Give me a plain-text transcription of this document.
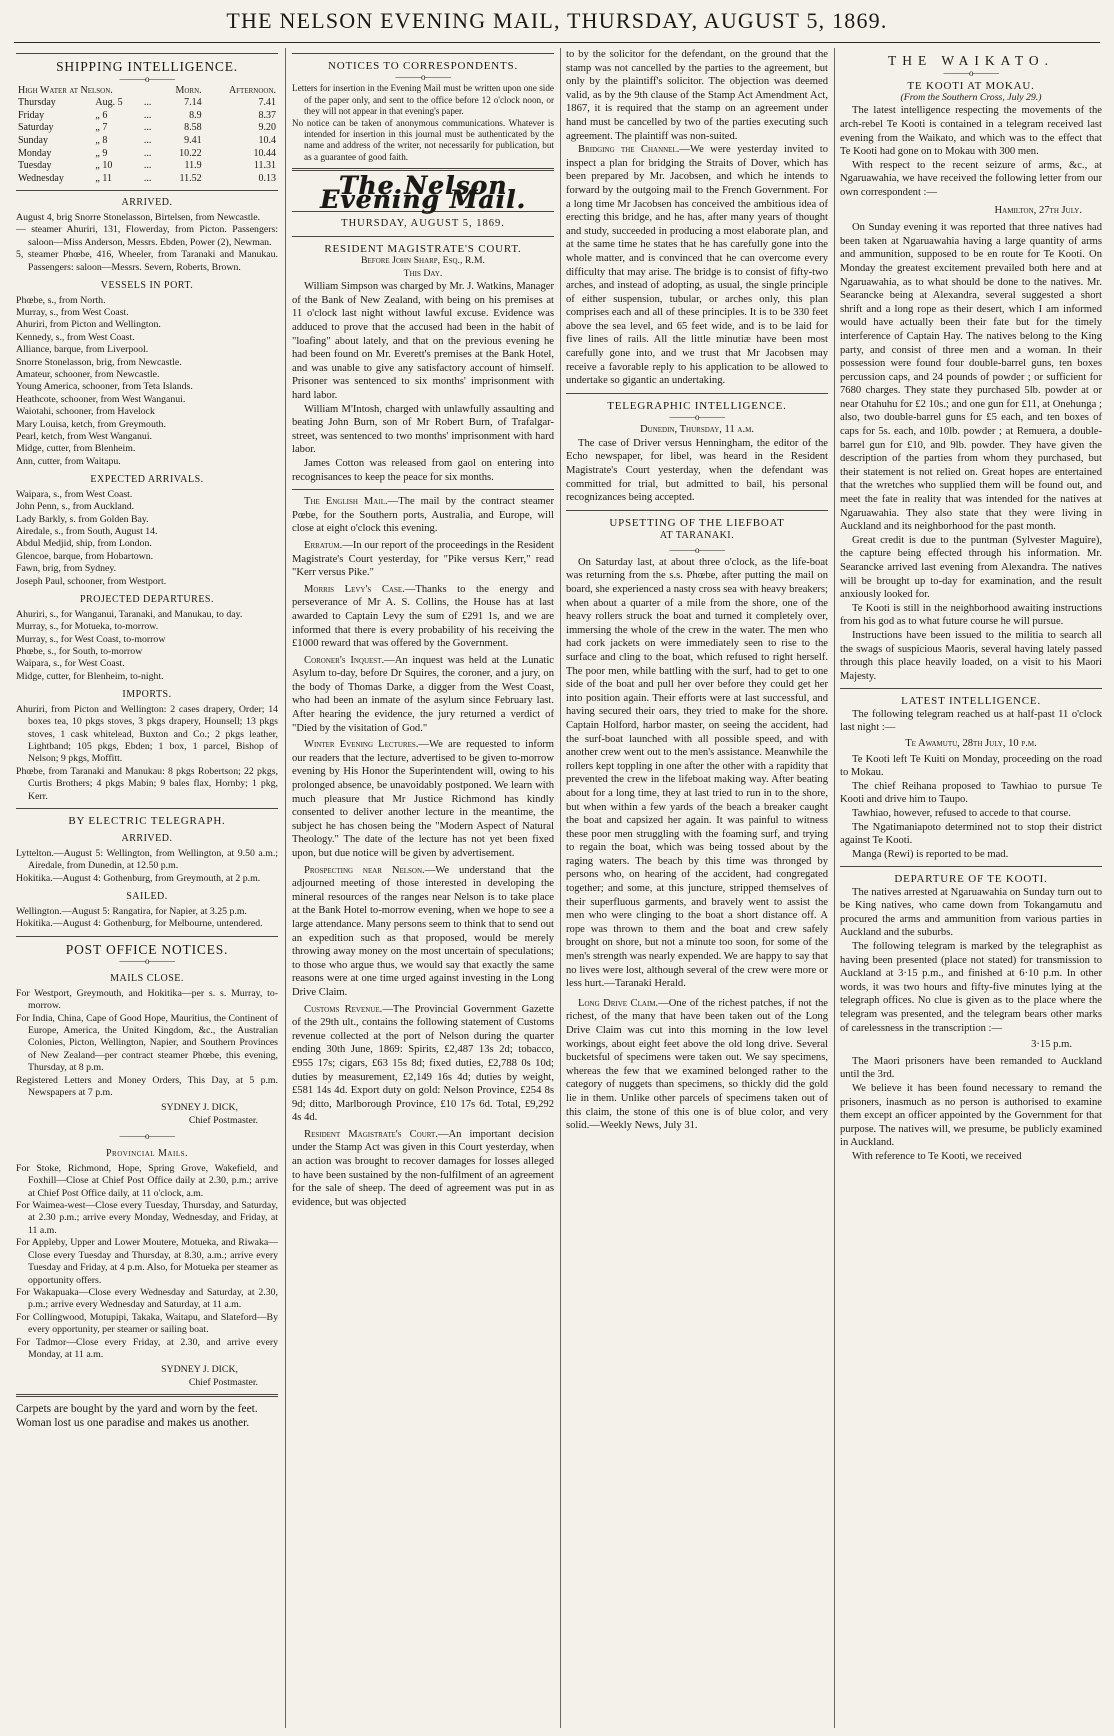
THE NELSON EVENING MAIL, THURSDAY, AUGUST 5, 1869.
SHIPPING INTELLIGENCE.
———o———
High Water at Nelson.			Morn.	Afternoon.
Thursday	Aug. 5	...	7.14	7.41
Friday	„ 6	...	8.9	8.37
Saturday	„ 7	...	8.58	9.20
Sunday	„ 8	...	9.41	10.4
Monday	„ 9	...	10.22	10.44
Tuesday	„ 10	...	11.9	11.31
Wednesday	„ 11	...	11.52	0.13
ARRIVED.
August 4, brig Snorre Stonelasson, Birtelsen, from Newcastle.
— steamer Ahuriri, 131, Flowerday, from Picton. Passengers: saloon—Miss Anderson, Messrs. Ebden, Power (2), Newman.
5, steamer Phœbe, 416, Wheeler, from Taranaki and Manukau. Passengers: saloon—Messrs. Severn, Roberts, Brown.
VESSELS IN PORT.
Phœbe, s., from North.
Murray, s., from West Coast.
Ahuriri, from Picton and Wellington.
Kennedy, s., from West Coast.
Alliance, barque, from Liverpool.
Snorre Stonelasson, brig, from Newcastle.
Amateur, schooner, from Newcastle.
Young America, schooner, from Teta Islands.
Heathcote, schooner, from West Wanganui.
Waiotahi, schooner, from Havelock
Mary Louisa, ketch, from Greymouth.
Pearl, ketch, from West Wanganui.
Midge, cutter, from Blenheim.
Ann, cutter, from Waitapu.
EXPECTED ARRIVALS.
Waipara, s., from West Coast.
John Penn, s., from Auckland.
Lady Barkly, s. from Golden Bay.
Airedale, s., from South, August 14.
Abdul Medjid, ship, from London.
Glencoe, barque, from Hobartown.
Fawn, brig, from Sydney.
Joseph Paul, schooner, from Westport.
PROJECTED DEPARTURES.
Ahuriri, s., for Wanganui, Taranaki, and Manukau, to day.
Murray, s., for Motueka, to-morrow.
Murray, s., for West Coast, to-morrow
Phœbe, s., for South, to-morrow
Waipara, s., for West Coast.
Midge, cutter, for Blenheim, to-night.
IMPORTS.
Ahuriri, from Picton and Wellington: 2 cases drapery, Order; 14 boxes tea, 10 pkgs stoves, 3 pkgs drapery, Hounsell; 13 pkgs stoves, 1 cask whitelead, Buxton and Co.; 2 pkgs leather, Lightband; 105 pkgs, Ebden; 1 box, 1 parcel, Bishop of Nelson; 9 pkgs, Moffitt.
Phœbe, from Taranaki and Manukau: 8 pkgs Robertson; 22 pkgs, Curtis Brothers; 4 pkgs Mabin; 9 bales flax, Hornby; 1 pkg, Kerr.
BY ELECTRIC TELEGRAPH.
ARRIVED.
Lyttelton.—August 5: Wellington, from Wellington, at 9.50 a.m.; Airedale, from Dunedin, at 12.50 p.m.
Hokitika.—August 4: Gothenburg, from Greymouth, at 2 p.m.
SAILED.
Wellington.—August 5: Rangatira, for Napier, at 3.25 p.m.
Hokitika.—August 4: Gothenburg, for Melbourne, untendered.
POST OFFICE NOTICES.
———o———
MAILS CLOSE.
For Westport, Greymouth, and Hokitika—per s. s. Murray, to-morrow.
For India, China, Cape of Good Hope, Mauritius, the Continent of Europe, America, the United Kingdom, &c., the Australian Colonies, Picton, Wellington, Napier, and Southern Provinces of New Zealand—per contract steamer Phœbe, this evening, Thursday, at 8 p.m.
Registered Letters and Money Orders, This Day, at 5 p.m. Newspapers at 7 p.m.
SYDNEY J. DICK,
Chief Postmaster.
———o———
Provincial Mails.
For Stoke, Richmond, Hope, Spring Grove, Wakefield, and Foxhill—Close at Chief Post Office daily at 2.30, p.m.; arrive at Chief Post Office daily, at 11 o'clock, a.m.
For Waimea-west—Close every Tuesday, Thursday, and Saturday, at 2.30 p.m.; arrive every Monday, Wednesday, and Friday, at 11 a.m.
For Appleby, Upper and Lower Moutere, Motueka, and Riwaka—Close every Tuesday and Thursday, at 8.30, a.m.; arrive every Tuesday and Friday, at 4 p.m. Also, for Motueka per steamer as opportunity offers.
For Wakapuaka—Close every Wednesday and Saturday, at 2.30, p.m.; arrive every Wednesday and Saturday, at 11 a.m.
For Collingwood, Motupipi, Takaka, Waitapu, and Slateford—By every opportunity, per steamer or sailing boat.
For Tadmor—Close every Friday, at 2.30, and arrive every Monday, at 11 a.m.
SYDNEY J. DICK,
Chief Postmaster.
Carpets are bought by the yard and worn by the feet.
Woman lost us one paradise and makes us another.
NOTICES TO CORRESPONDENTS.
———o———
Letters for insertion in the Evening Mail must be written upon one side of the paper only, and sent to the office before 12 o'clock noon, or they will not appear in that evening's paper.
No notice can be taken of anonymous communications. Whatever is intended for insertion in this journal must be authenticated by the name and address of the writer, not necessarily for publication, but as a guarantee of good faith.
The Nelson Evening Mail.
THURSDAY, AUGUST 5, 1869.
RESIDENT MAGISTRATE'S COURT.
Before John Sharp, Esq., R.M.
This Day.
William Simpson was charged by Mr. J. Watkins, Manager of the Bank of New Zealand, with being on his premises at 11 o'clock last night without lawful excuse. Evidence was adduced to prove that the accused had been in the habit of "loafing" about lately, and that on the previous evening he had been found on Mr. Everett's premises at the Bank Hotel, and was unable to give any satisfactory account of himself. Prisoner was sentenced to six months' imprisonment with hard labor.
William M'Intosh, charged with unlawfully assaulting and beating John Burn, son of Mr Robert Burn, of Trafalgar-street, was sentenced to two months' imprisonment with hard labor.
James Cotton was released from gaol on entering into recognisances to keep the peace for six months.

The English Mail.—The mail by the contract steamer Pœbe, for the Southern ports, Australia, and Europe, will close at eight o'clock this evening.

Erratum.—In our report of the proceedings in the Resident Magistrate's Court yesterday, for "Pike versus Kerr," read "Kerr versus Pike."

Morris Levy's Case.—Thanks to the energy and perseverance of Mr A. S. Collins, the House has at last awarded to Captain Levy the sum of £291 1s, and we are informed that there is every probability of his receiving the £1000 reward that was offered by the Government.

Coroner's Inquest.—An inquest was held at the Lunatic Asylum to-day, before Dr Squires, the coroner, and a jury, on the body of Thomas Darke, a digger from the West Coast, who had been an inmate of the asylum since February last. After hearing the evidence, the jury returned a verdict of "Died by the visitation of God."

Winter Evening Lectures.—We are requested to inform our readers that the lecture, advertised to be given to-morrow evening by His Honor the Superintendent will, owing to his prolonged absence, be unavoidably postponed. We learn with much pleasure that Mr Justice Richmond has kindly consented to deliver another lecture in the meantime, the subject he has chosen being the "Modern Aspect of Natural Theology." The date of the lecture has not yet been fixed upon, but due notice will be given by advertisement.

Prospecting near Nelson.—We understand that the adjourned meeting of those interested in developing the mineral resources of the ranges near Nelson is to take place at the Bank Hotel to-morrow evening, when we hope to see a large attendance. Many persons seem to think that to send out an expedition such as that proposed, would be merely throwing away money on the most uncertain of speculations; to those who argue thus, we would say that exactly the same reasons were at one time urged against investing in the Long Drive Claim.

Customs Revenue.—The Provincial Government Gazette of the 29th ult., contains the following statement of Customs revenue collected at the port of Nelson during the quarter ending 30th June, 1869: Spirits, £2,487 13s 2d; tobacco, £955 17s; cigars, £63 15s 8d; fixed duties, £2,788 0s 10d; duties by measurement, £2,149 16s 4d; duties by weight, £581 14s 4d. Export duty on gold: Nelson Province, £254 8s 9d; ditto, Marlborough Province, £10 17s 6d. Total, £9,292 4s 4d.

Resident Magistrate's Court.—An important decision under the Stamp Act was given in this Court yesterday, when an action was brought to recover damages for losses alleged to have been sustained by the non-fulfilment of an agreement for the sale of sheep. The deed of agreement was put in as evidence, but was objected

to by the solicitor for the defendant, on the ground that the stamp was not cancelled by the parties to the agreement, but only by the plaintiff's solicitor. The objection was deemed valid, as by the 9th clause of the Stamp Act Amendment Act, 1867, it is required that the stamp on an agreement under hand must be cancelled by two of the parties executing such agreement. The plaintiff was non-suited.

Bridging the Channel.—We were yesterday invited to inspect a plan for bridging the Straits of Dover, which has been prepared by Mr. Jacobsen, and which he intends to forward by the outgoing mail to the French Government. For a long time Mr Jacobsen has conceived the ambitious idea of erecting this bridge, and he has, after many years of thought and study, succeeded in producing a most elaborate plan, and at the same time he states that he has carefully gone into the whole matter, and is convinced that he can overcome every difficulty that may arise. The bridge is to consist of fifty-two arches, and instead of adopting, as usual, the single principle of either suspension, tubular, or arches only, this plan comprises each and all of these principles. It is to be 330 feet above the sea level, and 65 feet wide, and is to be laid for five lines of rails. All the little minutiæ have been most carefully gone into, and we trust that Mr Jacobsen may receive a favorable reply to his application to be allowed to undertake so gigantic an undertaking.

TELEGRAPHIC INTELLIGENCE.
———o———
Dunedin, Thursday, 11 a.m.

The case of Driver versus Henningham, the editor of the Echo newspaper, for libel, was heard in the Resident Magistrate's Court yesterday, when the defendant was committed for trial, but admitted to bail, his personal recognizances being accepted.

UPSETTING OF THE LIEFBOAT
AT TARANAKI.
———o———

On Saturday last, at about three o'clock, as the life-boat was returning from the s.s. Phœbe, after putting the mail on board, she experienced a nasty cross sea with heavy breakers; when about a quarter of a mile from the shore, one of the heavy rollers struck the boat and turned it completely over, immersing the whole of the crew in the water. The men who had cork jackets on were immediately seen to rise to the surface and cling to the boat, which refused to right herself. The poor men, while battling with the surf, had to get to one side of the boat and pull her over before they could get her into position again. Their efforts were at last successful, and having secured their oars, they tried to make for the shore. Captain Holford, harbor master, on seeing the accident, had the surf-boat launched with all possible speed, and with another crew went out to the men's assistance. Meanwhile the rollers kept toppling in one after the other with a rapidity that prevented the crew in the lifeboat making way. After beating about for a long time, they at last tried to run in to the shore, but when within a few yards of the beach a breaker caught the boat and capsized her again. It was painful to witness these poor men struggling with the foaming surf, and trying to regain the boat, which was being tossed about by the raging waters. The beach by this time was thronged by persons who, on hearing of the accident, had congregated together; and some, at this juncture, stripped themselves of their superfluous garments, and bravely went to assist the men who were clinging to the boat a short distance off. A rope was thrown to them and the boat and crew safely brought on shore, but not a minute too soon, for some of the men's strength was nearly expended. We are happy to say that no lives were lost, although several of the crew were more or less hurt.—Taranaki Herald.

Long Drive Claim.—One of the richest patches, if not the richest, of the many that have been taken out of the Long Drive Claim was cut into this morning in the low level workings, about eight feet above the old long drive. Several bucketsful of specimens were taken out. We say specimens, whereas the few that we examined belonged rather to the category of nuggets than specimens, so thickly did the gold lie in them. Unlike other parcels of specimens taken out of this claim, the stone of this one is of blue color, and very solid.—Weekly News, July 31.

THE WAIKATO.
———o———
TE KOOTI AT MOKAU.
(From the Southern Cross, July 29.)
The latest intelligence respecting the movements of the arch-rebel Te Kooti is contained in a telegram received last evening from the Waikato, and which was to the effect that Te Kooti had gone on to Mokau with 300 men.
With respect to the recent seizure of arms, &c., at Ngaruawahia, we have received the following letter from our own correspondent :—
Hamilton, 27th July.
On Sunday evening it was reported that three natives had been taken at Ngaruawahia having a large quantity of arms and ammunition, supposed to be en route for Te Kooti. On Monday the greatest excitement prevailed both here and at Ngaruawahia, as to what should be done to the natives. Mr. Searancke being at Alexandra, several suggested a short shrift and a long rope as their desert, which I am informed would have actually been their fate but for the timely interference of Captain Hay. The natives belong to the King party, and consist of three men and a woman. In their possession were found four double-barrel guns, ten boxes percussion caps, and 24 pounds of powder ; or sufficient for 7680 charges. They state they purchased 5lb. powder at or near Otahuhu for £2 10s.; and one gun for £11, at Onehunga ; also, two double-barrel guns for £5 each, and ten boxes of caps for 5s. each, and 10lb. powder ; at Remuera, a double-barrel gun for £10, and 9lb. powder. They have given the description of the parties from whom they purchased, but their statement is not relied on. Great hopes are entertained that the wretches who supplied them will be found out, and meet the fate in reality that was intended for the natives at Ngaruawahia. They also state that they were living in Auckland and its neighborhood for the past month.
Great credit is due to the puntman (Sylvester Maguire), the capture being effected through his information. Mr. Searancke arrived last evening from Alexandra. The natives will be brought up to-day for examination, and the result anxiously looked for.
Te Kooti is still in the neighborhood awaiting instructions from his god as to what future course he will pursue.
Instructions have been issued to the militia to search all the swags of suspicious Maoris, several having lately passed through this place heavily loaded, on a visit to his Maori Majesty.
LATEST INTELLIGENCE.

The following telegram reached us at half-past 11 o'clock last night :—

Te Awamutu, 28th July, 10 p.m.
Te Kooti left Te Kuiti on Monday, proceeding on the road to Mokau.
The chief Reihana proposed to Tawhiao to pursue Te Kooti and drive him to Taupo.
Tawhiao, however, refused to accede to that course.
The Ngatimaniapoto determined not to stop their district against Te Kooti.
Manga (Rewi) is reported to be mad.
DEPARTURE OF TE KOOTI.
The natives arrested at Ngaruawahia on Sunday turn out to be King natives, who came down from Tokangamutu and procured the arms and ammunition from various parties in Auckland and the suburbs.
The following telegram is marked by the telegraphist as having been presented (place not stated) for transmission to Auckland at 3·15 p.m., and finished at 6·10 p.m. In other words, it was two hours and fifty-five minutes lying at the telegraph offices. No clue is given as to the place where the telegram was presented, and the telegram bears other marks of carelessness in the transcription :—
3·15 p.m.
The Maori prisoners have been remanded to Auckland until the 3rd.
We believe it has been found necessary to remand the prisoners, inasmuch as no person is authorised to examine them except an officer appointed by the Government for that purpose. The natives will, we presume, be publicly examined in Auckland.
With reference to Te Kooti, we received
